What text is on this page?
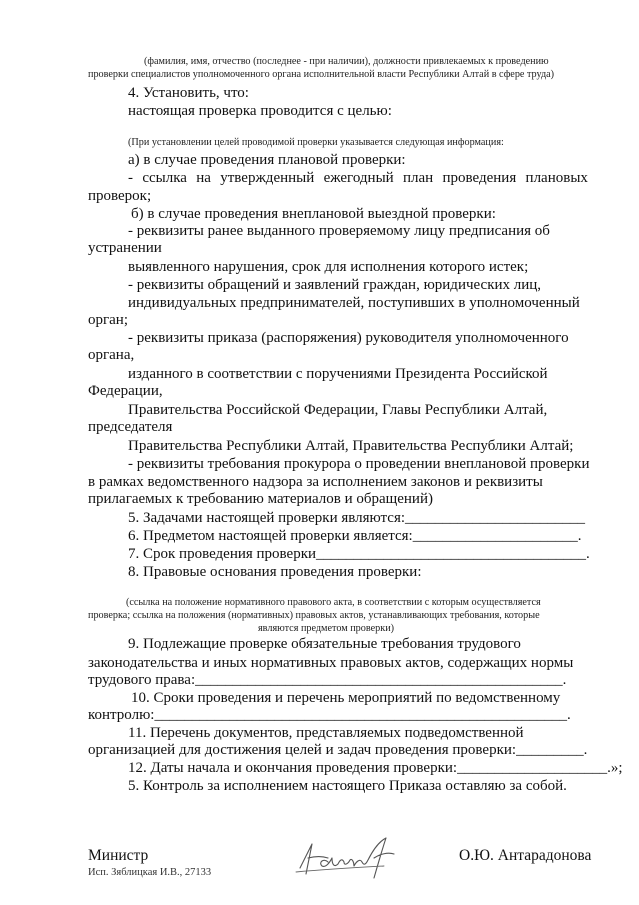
(фамилия, имя, отчество (последнее - при наличии), должности привлекаемых к проведению
проверки специалистов уполномоченного органа исполнительной власти Республики Алтай в сфере труда)
4. Установить, что:
настоящая проверка проводится с целью:
(При установлении целей проводимой проверки указывается следующая информация:
а) в случае проведения плановой проверки:
- ссылка на утвержденный ежегодный план проведения плановых
проверок;
б) в случае проведения внеплановой выездной проверки:
- реквизиты ранее выданного проверяемому лицу предписания об
устранении
выявленного нарушения, срок для исполнения которого истек;
- реквизиты обращений и заявлений граждан, юридических лиц,
индивидуальных предпринимателей, поступивших в уполномоченный
орган;
- реквизиты приказа (распоряжения) руководителя уполномоченного
органа,
изданного в соответствии с поручениями Президента Российской
Федерации,
Правительства Российской Федерации, Главы Республики Алтай,
председателя
Правительства Республики Алтай, Правительства Республики Алтай;
- реквизиты требования прокурора о проведении внеплановой проверки
в рамках ведомственного надзора за исполнением законов и реквизиты
прилагаемых к требованию материалов и обращений)
5. Задачами настоящей проверки являются:________________________
6. Предметом настоящей проверки является:______________________.
7. Срок проведения проверки____________________________________.
8. Правовые основания проведения проверки:
(ссылка на положение нормативного правового акта, в соответствии с которым осуществляется
проверка; ссылка на положения (нормативных) правовых актов, устанавливающих требования, которые
являются предметом проверки)
9. Подлежащие проверке обязательные требования трудового
законодательства и иных нормативных правовых актов, содержащих нормы
трудового права:_________________________________________________.
10. Сроки проведения и перечень мероприятий по ведомственному
контролю:_______________________________________________________.
11. Перечень документов, представляемых подведомственной
организацией для достижения целей и задач проведения проверки:_________.
12. Даты начала и окончания проведения проверки:____________________.»;
5. Контроль за исполнением настоящего Приказа оставляю за собой.
Министр
Исп. Зяблицкая И.В., 27133
О.Ю. Антарадонова
